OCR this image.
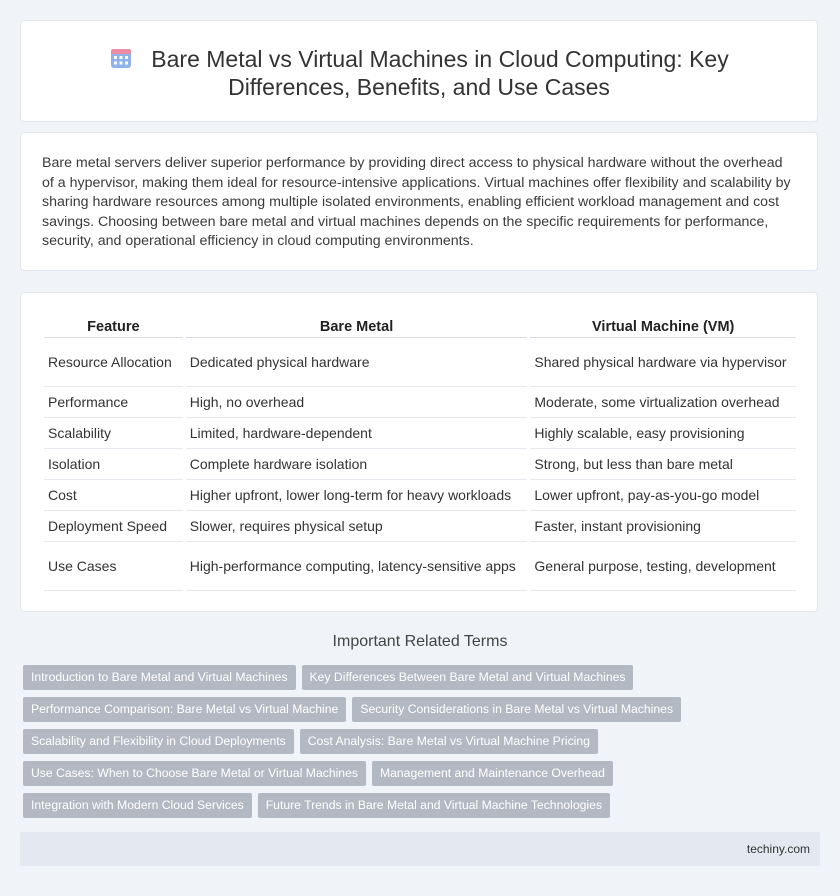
Bare Metal vs Virtual Machines in Cloud Computing: Key
Differences, Benefits, and Use Cases

Bare metal servers deliver superior performance by providing direct access to physical hardware without the overhead of a hypervisor, making them ideal for resource-intensive applications. Virtual machines offer flexibility and scalability by sharing hardware resources among multiple isolated environments, enabling efficient workload management and cost savings. Choosing between bare metal and virtual machines depends on the specific requirements for performance, security, and operational efficiency in cloud computing environments.

Feature	Bare Metal	Virtual Machine (VM)
Resource Allocation	Dedicated physical hardware	Shared physical hardware via hypervisor
Performance	High, no overhead	Moderate, some virtualization overhead
Scalability	Limited, hardware-dependent	Highly scalable, easy provisioning
Isolation	Complete hardware isolation	Strong, but less than bare metal
Cost	Higher upfront, lower long-term for heavy workloads	Lower upfront, pay-as-you-go model
Deployment Speed	Slower, requires physical setup	Faster, instant provisioning
Use Cases	High-performance computing, latency-sensitive apps	General purpose, testing, development
Important Related Terms
Introduction to Bare Metal and Virtual Machines Key Differences Between Bare Metal and Virtual Machines
Performance Comparison: Bare Metal vs Virtual Machine Security Considerations in Bare Metal vs Virtual Machines
Scalability and Flexibility in Cloud Deployments Cost Analysis: Bare Metal vs Virtual Machine Pricing
Use Cases: When to Choose Bare Metal or Virtual Machines Management and Maintenance Overhead
Integration with Modern Cloud Services Future Trends in Bare Metal and Virtual Machine Technologies
techiny.com
